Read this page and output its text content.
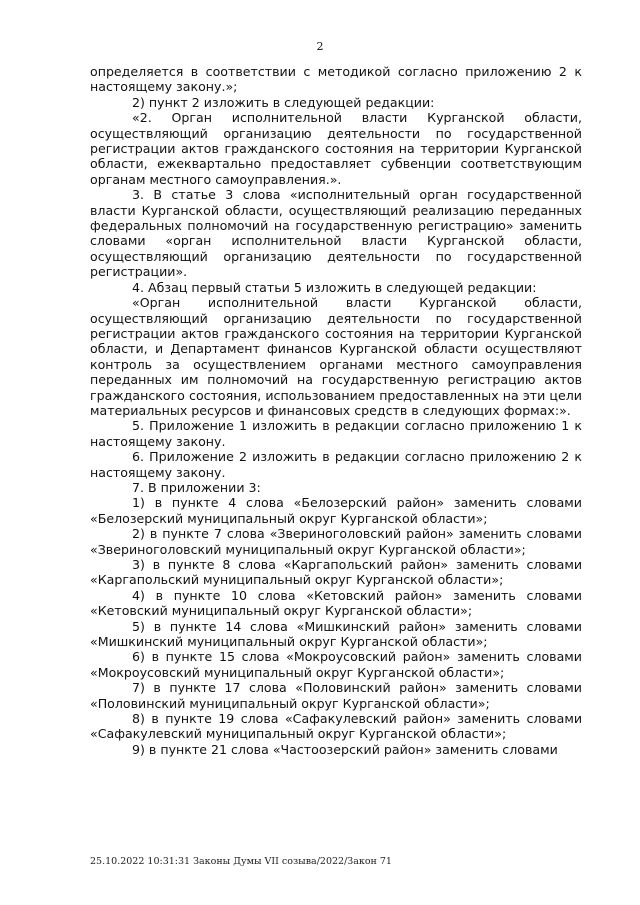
2

определяется в соответствии с методикой согласно приложению 2 к настоящему закону.»;

2) пункт 2 изложить в следующей редакции:

«2. Орган исполнительной власти Курганской области, осуществляющий организацию деятельности по государственной регистрации актов гражданского состояния на территории Курганской области, ежеквартально предоставляет субвенции соответствующим органам местного самоуправления.».

3. В статье 3 слова «исполнительный орган государственной власти Курганской области, осуществляющий реализацию переданных федеральных полномочий на государственную регистрацию» заменить словами «орган исполнительной власти Курганской области, осуществляющий организацию деятельности по государственной регистрации».

4. Абзац первый статьи 5 изложить в следующей редакции:

«Орган исполнительной власти Курганской области, осуществляющий организацию деятельности по государственной регистрации актов гражданского состояния на территории Курганской области, и Департамент финансов Курганской области осуществляют контроль за осуществлением органами местного самоуправления переданных им полномочий на государственную регистрацию актов гражданского состояния, использованием предоставленных на эти цели материальных ресурсов и финансовых средств в следующих формах:».

5. Приложение 1 изложить в редакции согласно приложению 1 к настоящему закону.

6. Приложение 2 изложить в редакции согласно приложению 2 к настоящему закону.

7. В приложении 3:

1) в пункте 4 слова «Белозерский район» заменить словами «Белозерский муниципальный округ Курганской области»;

2) в пункте 7 слова «Звериноголовский район» заменить словами «Звериноголовский муниципальный округ Курганской области»;

3) в пункте 8 слова «Каргапольский район» заменить словами «Каргапольский муниципальный округ Курганской области»;

4) в пункте 10 слова «Кетовский район» заменить словами «Кетовский муниципальный округ Курганской области»;

5) в пункте 14 слова «Мишкинский район» заменить словами «Мишкинский муниципальный округ Курганской области»;

6) в пункте 15 слова «Мокроусовский район» заменить словами «Мокроусовский муниципальный округ Курганской области»;

7) в пункте 17 слова «Половинский район» заменить словами «Половинский муниципальный округ Курганской области»;

8) в пункте 19 слова «Сафакулевский район» заменить словами «Сафакулевский муниципальный округ Курганской области»;

9) в пункте 21 слова «Частоозерский район» заменить словами

25.10.2022 10:31:31 Законы Думы VII созыва/2022/Закон 71
